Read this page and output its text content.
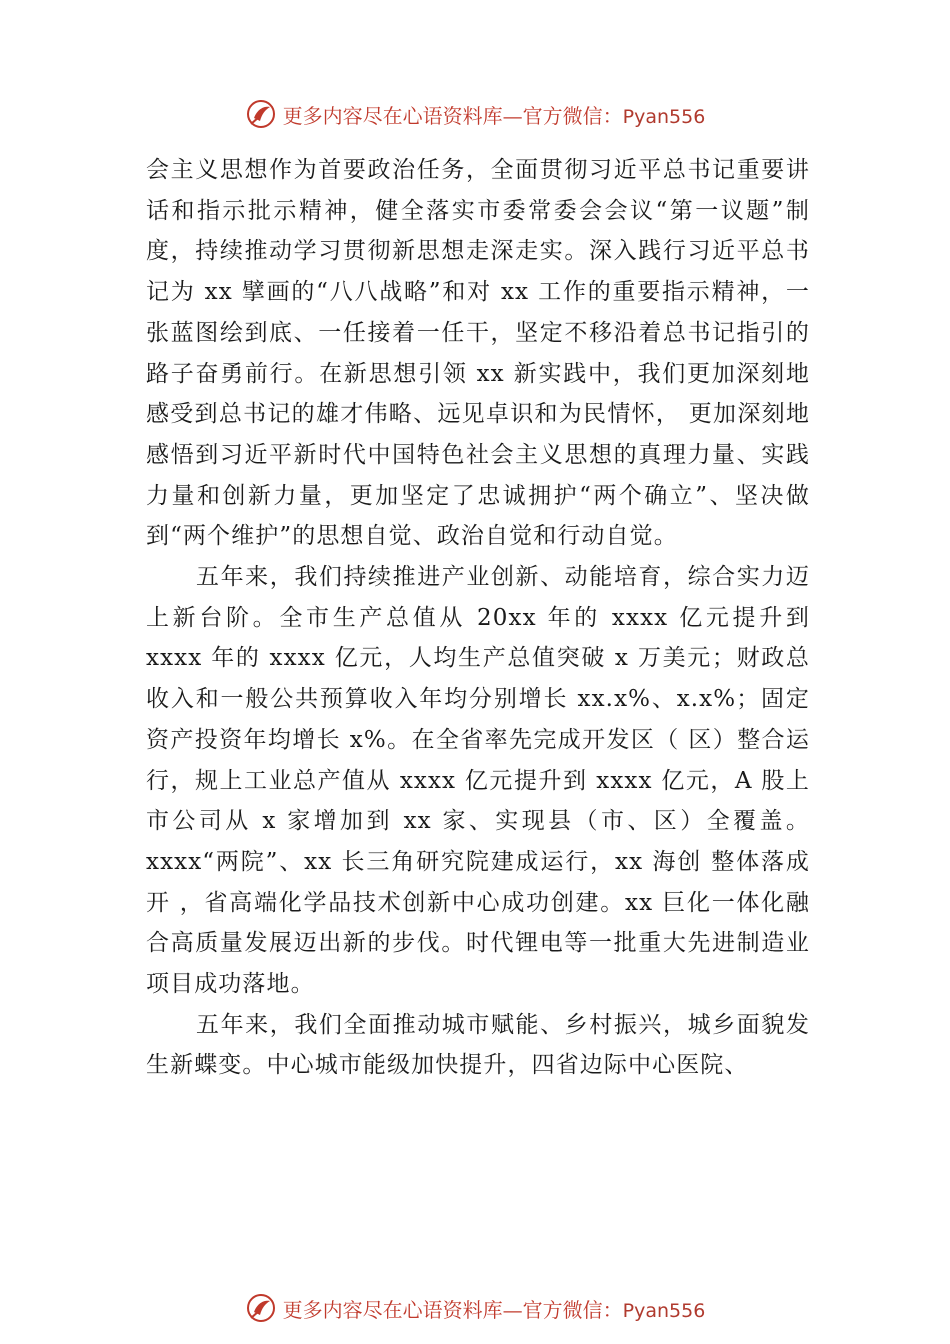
更多内容尽在心语资料库—官方微信：Pyan556

会主义思想作为首要政治任务，全面贯彻习近平总书记重要讲话和指示批示精神，健全落实市委常委会会议“第一议题”制度，持续推动学习贯彻新思想走深走实。深入践行习近平总书记为 xx 擘画的“八八战略”和对 xx 工作的重要指示精神，一张蓝图绘到底、一任接着一任干，坚定不移沿着总书记指引的路子奋勇前行。在新思想引领 xx 新实践中，我们更加深刻地感受到总书记的雄才伟略、远见卓识和为民情怀， 更加深刻地感悟到习近平新时代中国特色社会主义思想的真理力量、实践力量和创新力量，更加坚定了忠诚拥护“两个确立”、坚决做到“两个维护”的思想自觉、政治自觉和行动自觉。

五年来，我们持续推进产业创新、动能培育，综合实力迈上新台阶。全市生产总值从 20xx 年的 xxxx 亿元提升到 xxxx 年的 xxxx 亿元，人均生产总值突破 x 万美元；财政总收入和一般公共预算收入年均分别增长 xx.x%、x.x%；固定资产投资年均增长 x%。在全省率先完成开发区（ 区）整合运行，规上工业总产值从 xxxx 亿元提升到 xxxx 亿元，A 股上市公司从 x 家增加到 xx 家、实现县（市、区）全覆盖。xxxx“两院”、xx 长三角研究院建成运行，xx 海创 整体落成开 ，省高端化学品技术创新中心成功创建。xx 巨化一体化融合高质量发展迈出新的步伐。时代锂电等一批重大先进制造业项目成功落地。

五年来，我们全面推动城市赋能、乡村振兴，城乡面貌发生新蝶变。中心城市能级加快提升，四省边际中心医院、

更多内容尽在心语资料库—官方微信：Pyan556
